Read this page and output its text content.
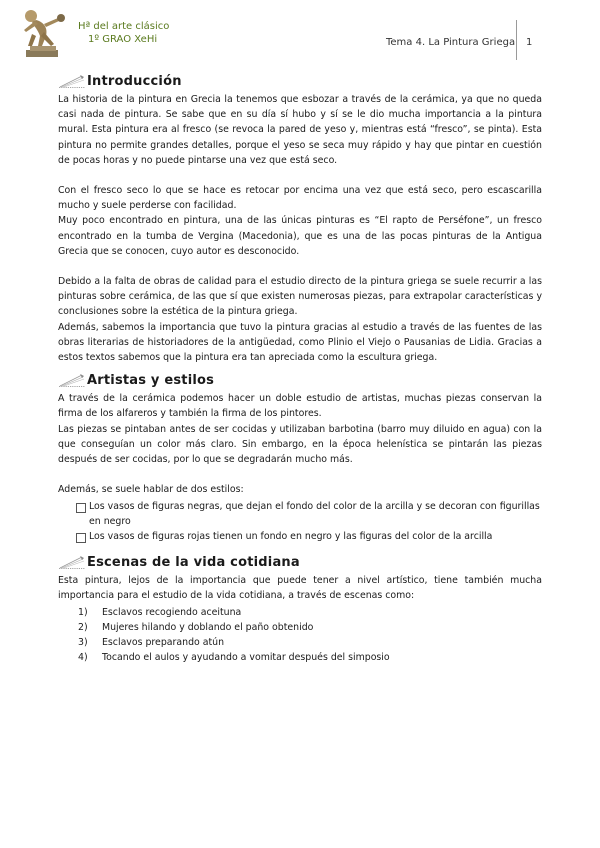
Hª del arte clásico
1º GRAO XeHi	Tema 4. La Pintura Griega 1
Introducción

La historia de la pintura en Grecia la tenemos que esbozar a través de la cerámica, ya que no queda casi nada de pintura. Se sabe que en su día sí hubo y sí se le dio mucha importancia a la pintura mural. Esta pintura era al fresco (se revoca la pared de yeso y, mientras está “fresco”, se pinta). Esta pintura no permite grandes detalles, porque el yeso se seca muy rápido y hay que pintar en cuestión de pocas horas y no puede pintarse una vez que está seco.

Con el fresco seco lo que se hace es retocar por encima una vez que está seco, pero escascarilla mucho y suele perderse con facilidad.

Muy poco encontrado en pintura, una de las únicas pinturas es “El rapto de Perséfone”, un fresco encontrado en la tumba de Vergina (Macedonia), que es una de las pocas pinturas de la Antigua Grecia que se conocen, cuyo autor es desconocido.

Debido a la falta de obras de calidad para el estudio directo de la pintura griega se suele recurrir a las pinturas sobre cerámica, de las que sí que existen numerosas piezas, para extrapolar características y conclusiones sobre la estética de la pintura griega.

Además, sabemos la importancia que tuvo la pintura gracias al estudio a través de las fuentes de las obras literarias de historiadores de la antigüedad, como Plinio el Viejo o Pausanias de Lidia. Gracias a estos textos sabemos que la pintura era tan apreciada como la escultura griega.

Artistas y estilos

A través de la cerámica podemos hacer un doble estudio de artistas, muchas piezas conservan la firma de los alfareros y también la firma de los pintores.

Las piezas se pintaban antes de ser cocidas y utilizaban barbotina (barro muy diluido en agua) con la que conseguían un color más claro. Sin embargo, en la época helenística se pintarán las piezas después de ser cocidas, por lo que se degradarán mucho más.

Además, se suele hablar de dos estilos:

Los vasos de figuras negras, que dejan el fondo del color de la arcilla y se decoran con figurillas en negro
Los vasos de figuras rojas tienen un fondo en negro y las figuras del color de la arcilla
Escenas de la vida cotidiana

Esta pintura, lejos de la importancia que puede tener a nivel artístico, tiene también mucha importancia para el estudio de la vida cotidiana, a través de escenas como:

1) Esclavos recogiendo aceituna
2) Mujeres hilando y doblando el paño obtenido
3) Esclavos preparando atún
4) Tocando el aulos y ayudando a vomitar después del simposio
